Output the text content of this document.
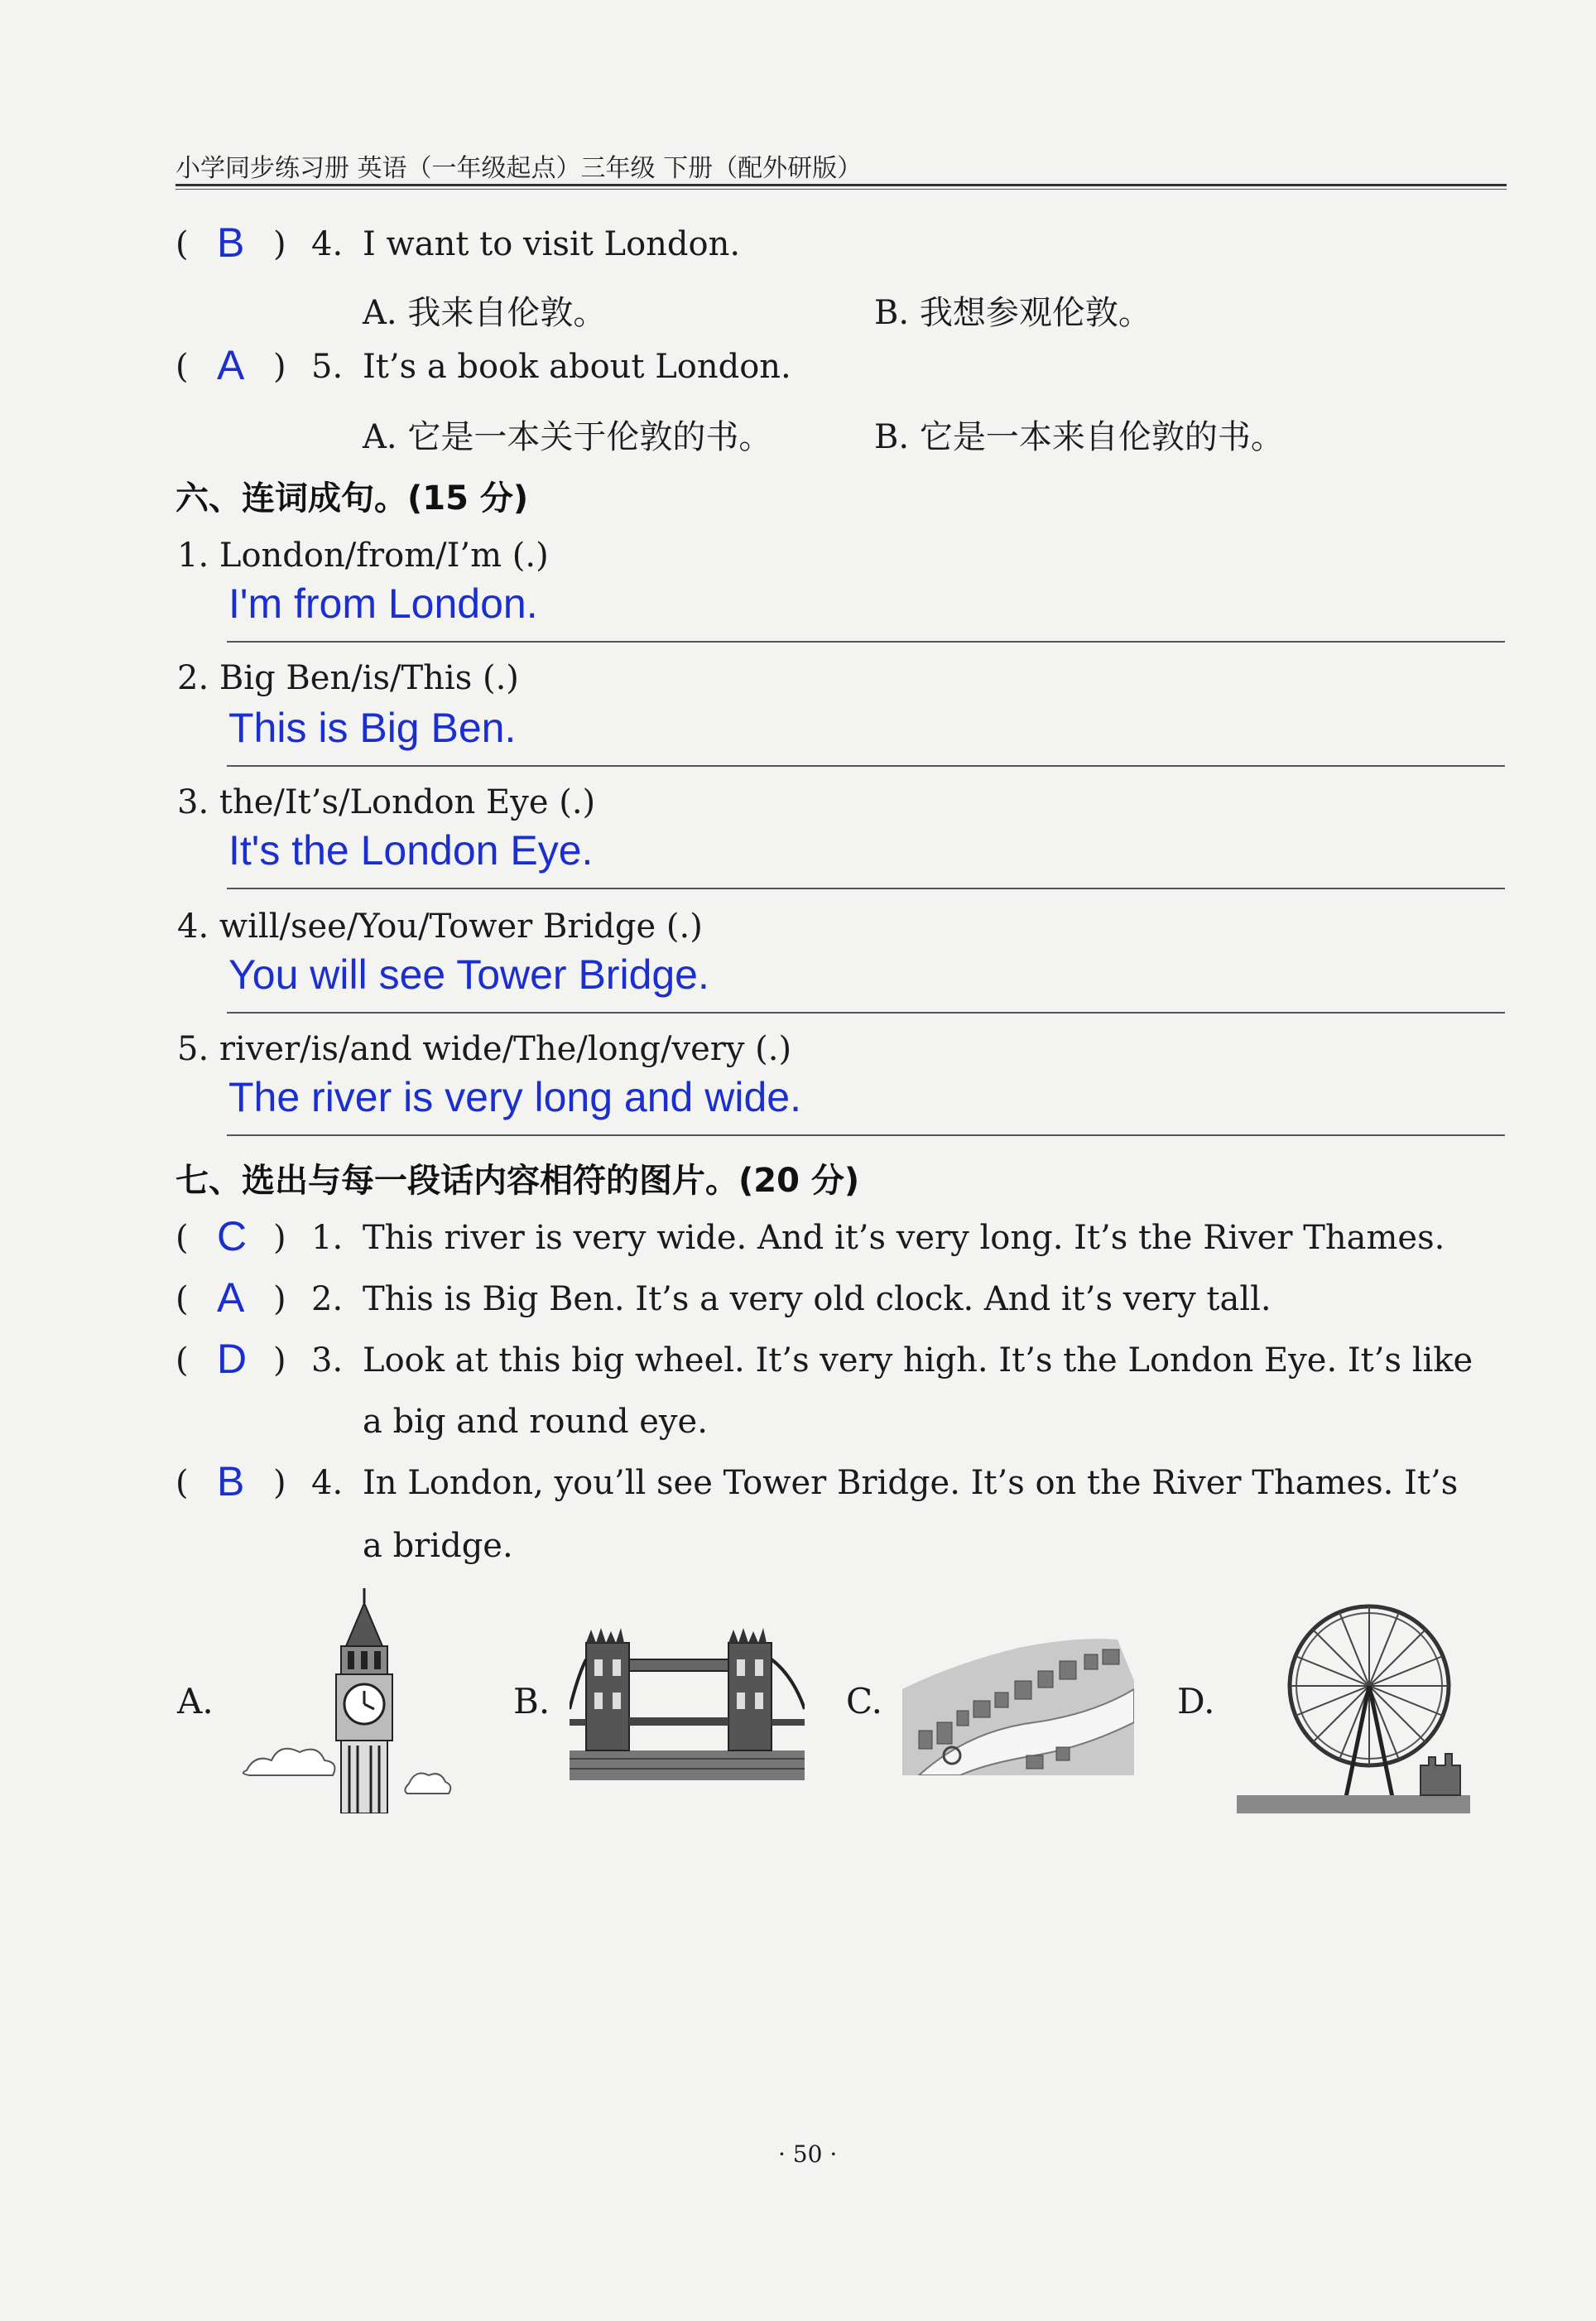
小学同步练习册 英语（一年级起点）三年级 下册（配外研版）
( B ) 4. I want to visit London.
A. 我来自伦敦。	B. 我想参观伦敦。
( A ) 5. It’s a book about London.
A. 它是一本关于伦敦的书。	B. 它是一本来自伦敦的书。
六、连词成句。(15 分)
1. London/from/I’m (.)
I'm from London.
2. Big Ben/is/This (.)
This is Big Ben.
3. the/It’s/London Eye (.)
It's the London Eye.
4. will/see/You/Tower Bridge (.)
You will see Tower Bridge.
5. river/is/and wide/The/long/very (.)
The river is very long and wide.
七、选出与每一段话内容相符的图片。(20 分)
( C ) 1. This river is very wide. And it’s very long. It’s the River Thames.
( A ) 2. This is Big Ben. It’s a very old clock. And it’s very tall.
( D ) 3. Look at this big wheel. It’s very high. It’s the London Eye. It’s like
a big and round eye.
( B ) 4. In London, you’ll see Tower Bridge. It’s on the River Thames. It’s
a bridge.
A.	B.	C.	D.
· 50 ·
